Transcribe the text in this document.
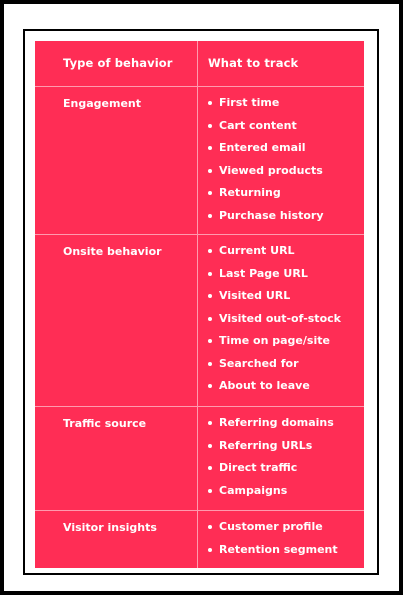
Type of behavior	What to track
Engagement	First time
Cart content
Entered email
Viewed products
Returning
Purchase history
Onsite behavior	Current URL
Last Page URL
Visited URL
Visited out-of-stock
Time on page/site
Searched for
About to leave
Traffic source	Referring domains
Referring URLs
Direct traffic
Campaigns
Visitor insights	Customer profile
Retention segment
